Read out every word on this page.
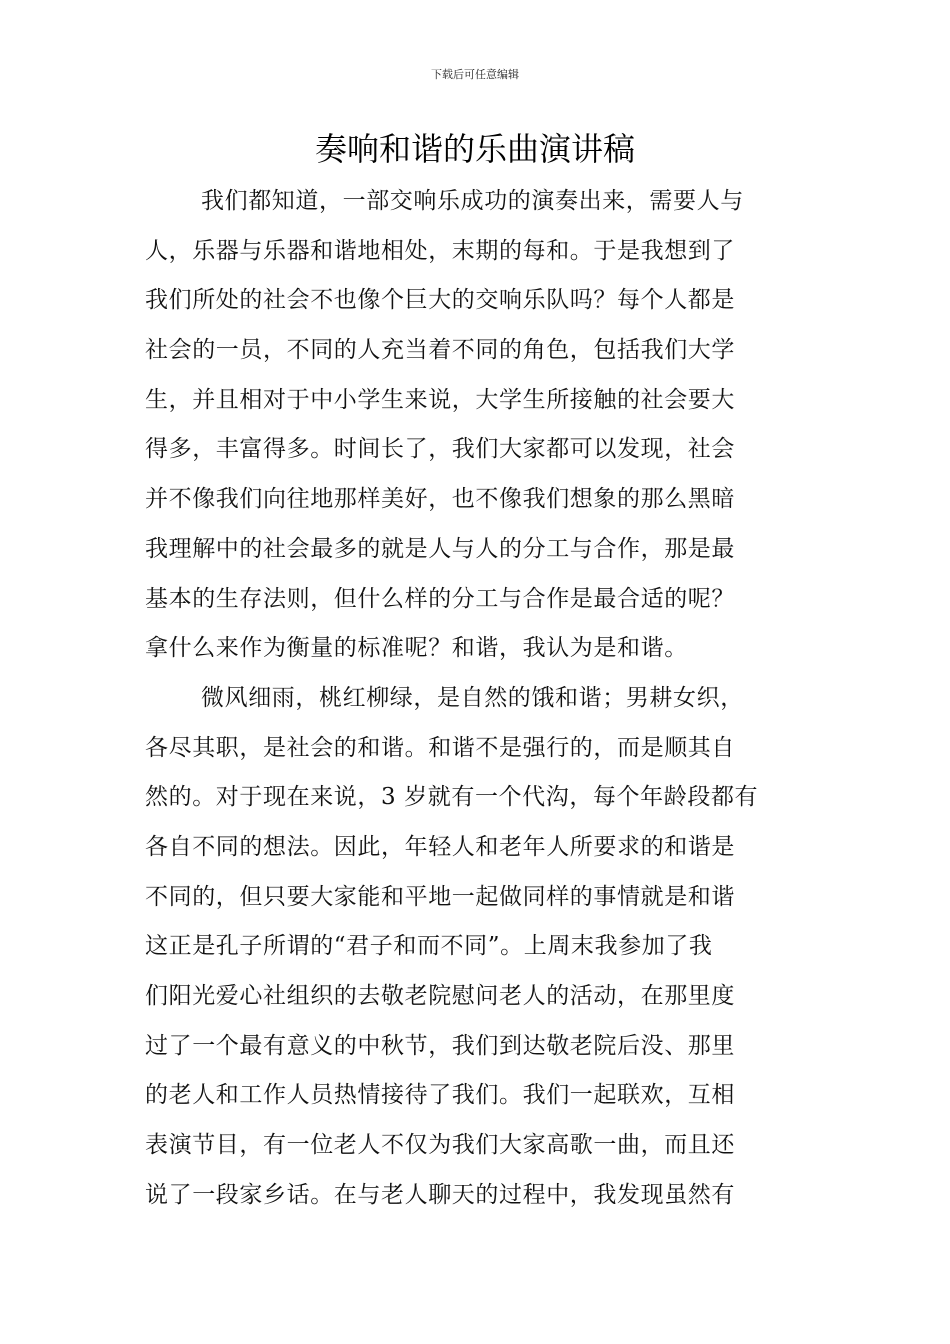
下载后可任意编辑
奏响和谐的乐曲演讲稿
我们都知道，一部交响乐成功的演奏出来，需要人与
人，乐器与乐器和谐地相处，末期的每和。于是我想到了
我们所处的社会不也像个巨大的交响乐队吗？每个人都是
社会的一员，不同的人充当着不同的角色，包括我们大学
生，并且相对于中小学生来说，大学生所接触的社会要大
得多，丰富得多。时间长了，我们大家都可以发现，社会
并不像我们向往地那样美好，也不像我们想象的那么黑暗
我理解中的社会最多的就是人与人的分工与合作，那是最
基本的生存法则，但什么样的分工与合作是最合适的呢？
拿什么来作为衡量的标准呢？和谐，我认为是和谐。
微风细雨，桃红柳绿，是自然的饿和谐；男耕女织，
各尽其职，是社会的和谐。和谐不是强行的，而是顺其自
然的。对于现在来说，3 岁就有一个代沟，每个年龄段都有
各自不同的想法。因此，年轻人和老年人所要求的和谐是
不同的，但只要大家能和平地一起做同样的事情就是和谐
这正是孔子所谓的“君子和而不同”。上周末我参加了我
们阳光爱心社组织的去敬老院慰问老人的活动，在那里度
过了一个最有意义的中秋节，我们到达敬老院后没、那里
的老人和工作人员热情接待了我们。我们一起联欢，互相
表演节目，有一位老人不仅为我们大家高歌一曲，而且还
说了一段家乡话。在与老人聊天的过程中，我发现虽然有
